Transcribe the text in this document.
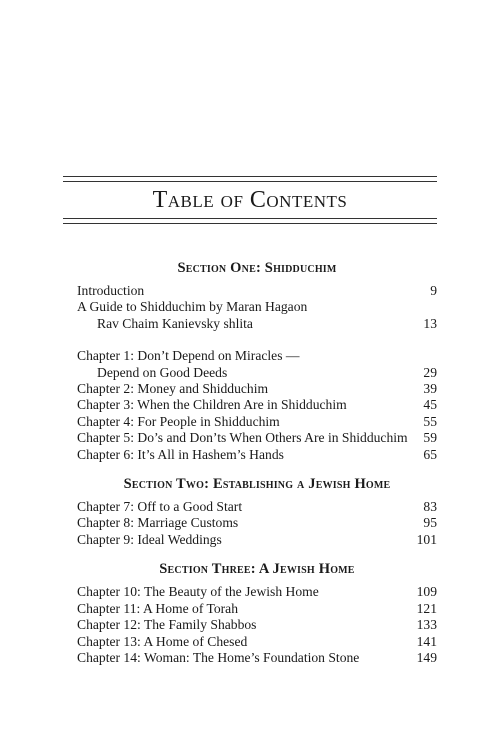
Table of Contents
Section One: Shidduchim
Introduction	9
A Guide to Shidduchim by Maran Hagaon
Rav Chaim Kanievsky shlita	13
Chapter 1: Don’t Depend on Miracles —
Depend on Good Deeds	29
Chapter 2: Money and Shidduchim	39
Chapter 3: When the Children Are in Shidduchim	45
Chapter 4: For People in Shidduchim	55
Chapter 5: Do’s and Don’ts When Others Are in Shidduchim 59
Chapter 6: It’s All in Hashem’s Hands	65
Section Two: Establishing a Jewish Home
Chapter 7: Off to a Good Start	83
Chapter 8: Marriage Customs	95
Chapter 9: Ideal Weddings	101
Section Three: A Jewish Home
Chapter 10: The Beauty of the Jewish Home	109
Chapter 11: A Home of Torah	121
Chapter 12: The Family Shabbos	133
Chapter 13: A Home of Chesed	141
Chapter 14: Woman: The Home’s Foundation Stone	149
